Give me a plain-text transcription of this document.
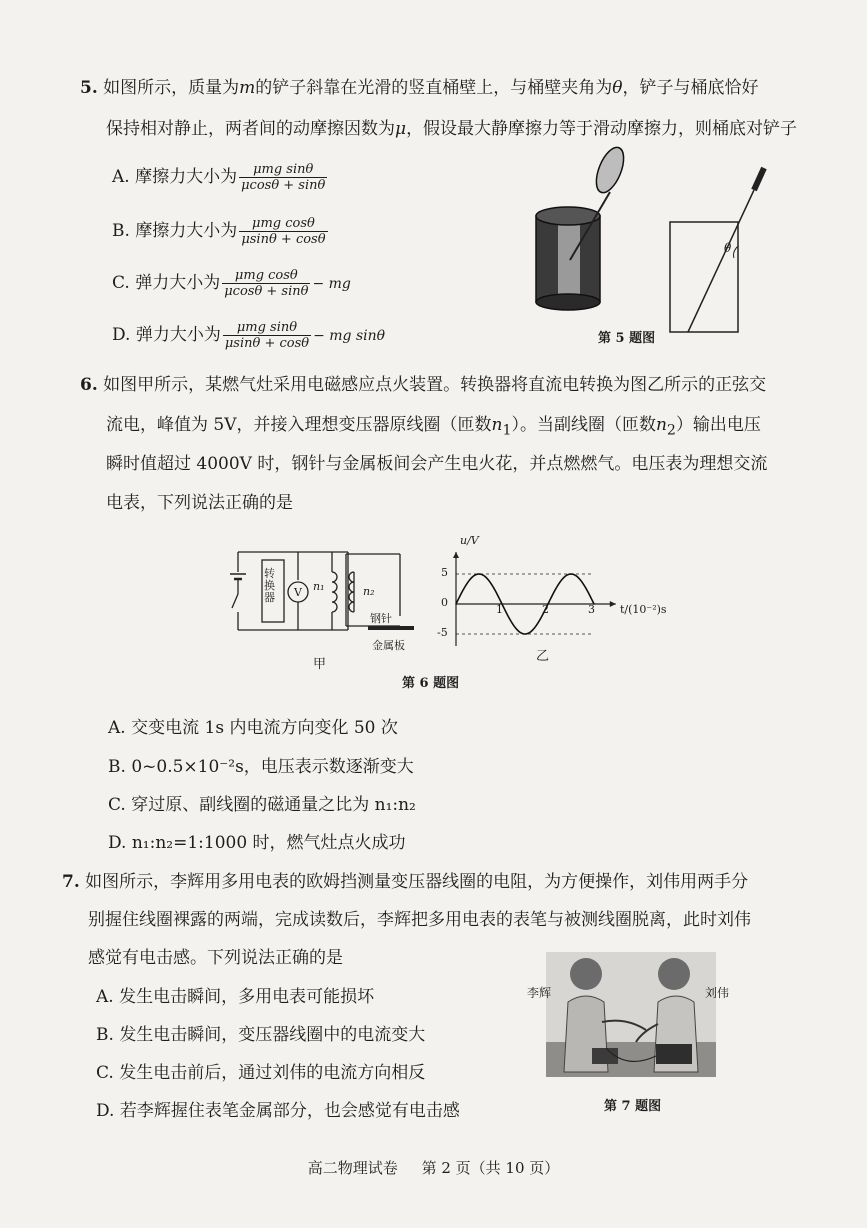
5. 如图所示，质量为m的铲子斜靠在光滑的竖直桶壁上，与桶壁夹角为θ，铲子与桶底恰好
保持相对静止，两者间的动摩擦因数为μ，假设最大静摩擦力等于滑动摩擦力，则桶底对铲子
A. 摩擦力大小为 $\frac{\text{μmg sinθ}}{\mu\cos\theta + \sin\theta}$
B. 摩擦力大小为 $\frac{\text{μmg cosθ}}{\mu\sin\theta + \cos\theta}$
C. 弹力大小为 $\frac{\text{μmg cosθ}}{\mu\cos\theta + \sin\theta}$ − mg
D. 弹力大小为 $\frac{\text{μmg sinθ}}{\mu\sin\theta + \cos\theta}$ − mg sinθ
θ
第 5 题图
6. 如图甲所示，某燃气灶采用电磁感应点火装置。转换器将直流电转换为图乙所示的正弦交
流电，峰值为 5V，并接入理想变压器原线圈（匝数$n_1$）。当副线圈（匝数$n_2$）输出电压
瞬时值超过 4000V 时，钢针与金属板间会产生电火花，并点燃燃气。电压表为理想交流
电表，下列说法正确的是
转换器 V n₁	n₂
钢针
金属板
甲
u/V
t/(10⁻²)s
5
0
-5
1	2	3
乙
第 6 题图
A. 交变电流 1s 内电流方向变化 50 次
B. 0~0.5×10⁻²s，电压表示数逐渐变大
C. 穿过原、副线圈的磁通量之比为 n₁:n₂
D. n₁:n₂=1:1000 时，燃气灶点火成功
7. 如图所示，李辉用多用电表的欧姆挡测量变压器线圈的电阻，为方便操作，刘伟用两手分
别握住线圈裸露的两端，完成读数后，李辉把多用电表的表笔与被测线圈脱离，此时刘伟
感觉有电击感。下列说法正确的是
A. 发生电击瞬间，多用电表可能损坏
B. 发生电击瞬间，变压器线圈中的电流变大
C. 发生电击前后，通过刘伟的电流方向相反
D. 若李辉握住表笔金属部分，也会感觉有电击感
李辉	刘伟
第 7 题图
高二物理试卷 第 2 页（共 10 页）
